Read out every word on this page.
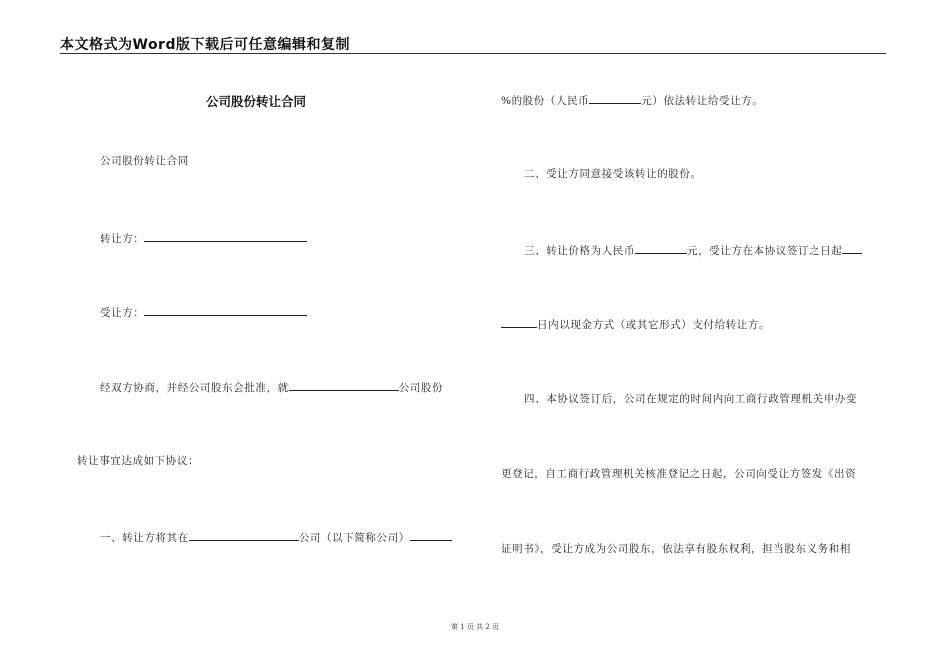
本文格式为Word版下载后可任意编辑和复制
公司股份转让合同
公司股份转让合同
转让方：
受让方：
经双方协商，并经公司股东会批准，就	公司股份
转让事宜达成如下协议：
一、转让方将其在	公司（以下简称公司）
%的股份（人民币	元）依法转让给受让方。
二、受让方同意接受该转让的股份。
三、转让价格为人民币	元，受让方在本协议签订之日起
日内以现金方式（或其它形式）支付给转让方。
四、本协议签订后，公司在规定的时间内向工商行政管理机关申办变
更登记，自工商行政管理机关核准登记之日起，公司向受让方签发《出资
证明书》，受让方成为公司股东，依法享有股东权利，担当股东义务和相
第 1 页 共 2 页
